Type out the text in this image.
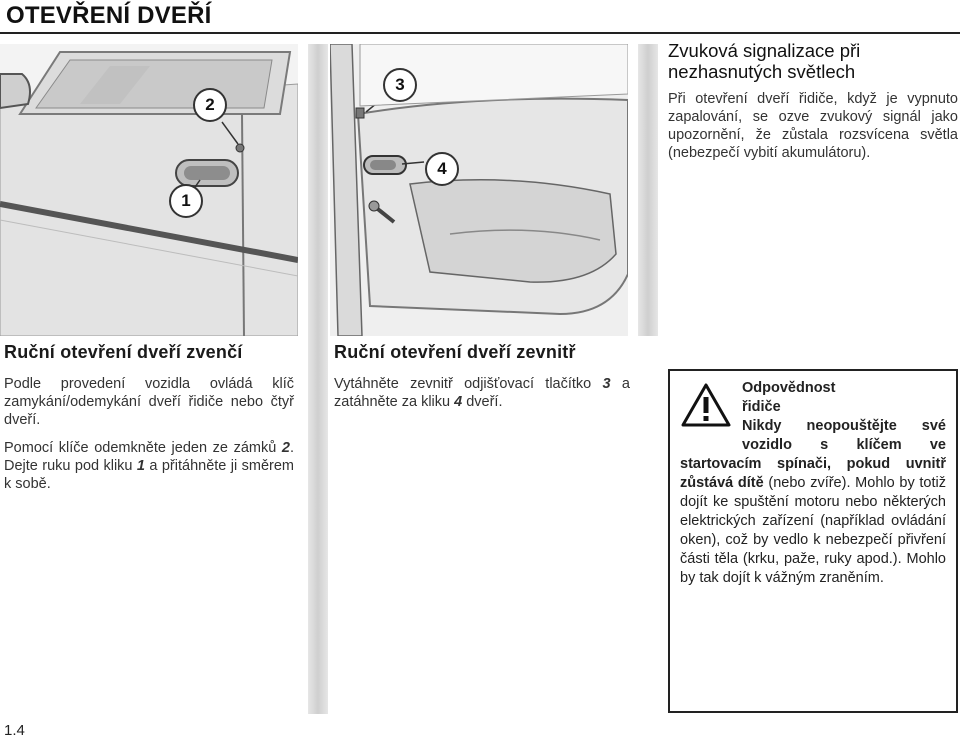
OTEVŘENÍ DVEŘÍ
1
2
3
4
Zvuková signalizace při
nezhasnutých světlech

Při otevření dveří řidiče, když je vypnuto zapalování, se ozve zvukový signál jako upozornění, že zůstala rozsvícena světla (nebezpečí vybití akumulátoru).

Ruční otevření dveří zvenčí

Podle provedení vozidla ovládá klíč zamykání/odemykání dveří řidiče nebo čtyř dveří.

Pomocí klíče odemkněte jeden ze zámků 2. Dejte ruku pod kliku 1 a přitáhněte ji směrem k sobě.

Ruční otevření dveří zevnitř

Vytáhněte zevnitř odjišťovací tlačítko 3 a zatáhněte za kliku 4 dveří.

Odpovědnost
řidiče
Nikdy neopouštějte své vozidlo s klíčem ve startovacím spínači, pokud uvnitř zůstává dítě (nebo zvíře). Mohlo by totiž dojít ke spuštění motoru nebo některých elektrických zařízení (například ovládání oken), což by vedlo k nebezpečí přivření části těla (krku, paže, ruky apod.). Mohlo by tak dojít k vážným zraněním.
1.4
